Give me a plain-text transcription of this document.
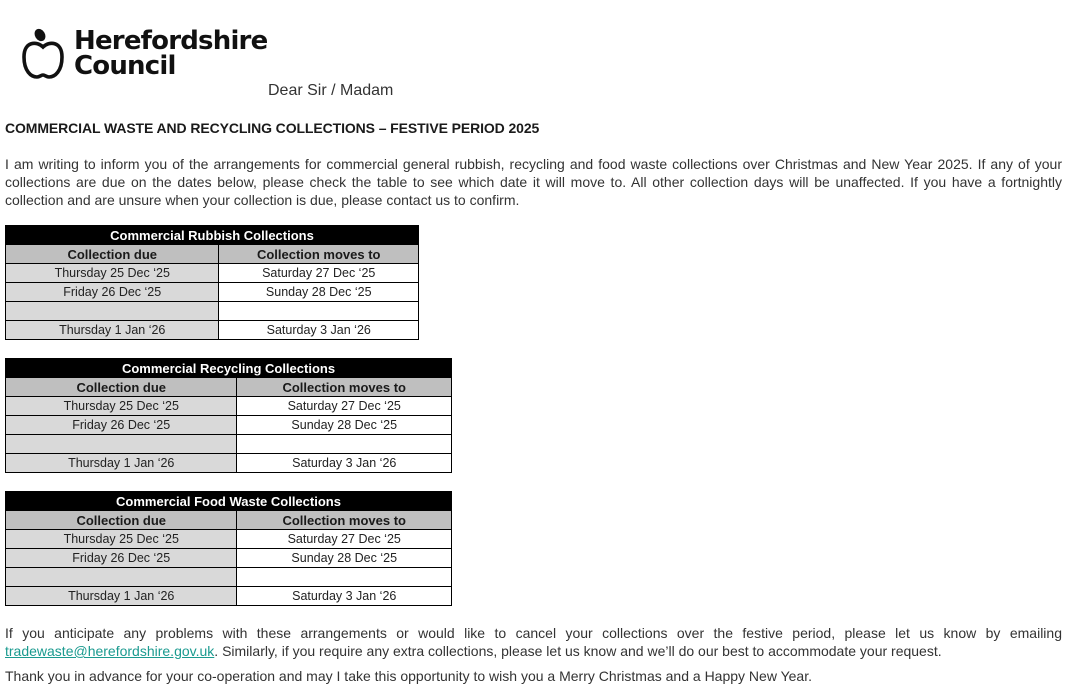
Herefordshire
Council
Dear Sir / Madam
COMMERCIAL WASTE AND RECYCLING COLLECTIONS – FESTIVE PERIOD 2025

I am writing to inform you of the arrangements for commercial general rubbish, recycling and food waste collections over Christmas and New Year 2025. If any of your collections are due on the dates below, please check the table to see which date it will move to. All other collection days will be unaffected. If you have a fortnightly collection and are unsure when your collection is due, please contact us to confirm.

Commercial Rubbish Collections	
Collection due	Collection moves to
Thursday 25 Dec ‘25	Saturday 27 Dec ‘25
Friday 26 Dec ‘25	Sunday 28 Dec ‘25

Thursday 1 Jan ‘26	Saturday 3 Jan ‘26
Commercial Recycling Collections	
Collection due	Collection moves to
Thursday 25 Dec ‘25	Saturday 27 Dec ‘25
Friday 26 Dec ‘25	Sunday 28 Dec ‘25

Thursday 1 Jan ‘26	Saturday 3 Jan ‘26
Commercial Food Waste Collections	
Collection due	Collection moves to
Thursday 25 Dec ‘25	Saturday 27 Dec ‘25
Friday 26 Dec ‘25	Sunday 28 Dec ‘25

Thursday 1 Jan ‘26	Saturday 3 Jan ‘26

If you anticipate any problems with these arrangements or would like to cancel your collections over the festive period, please let us know by emailing tradewaste@herefordshire.gov.uk. Similarly, if you require any extra collections, please let us know and we’ll do our best to accommodate your request.

Thank you in advance for your co-operation and may I take this opportunity to wish you a Merry Christmas and a Happy New Year.
